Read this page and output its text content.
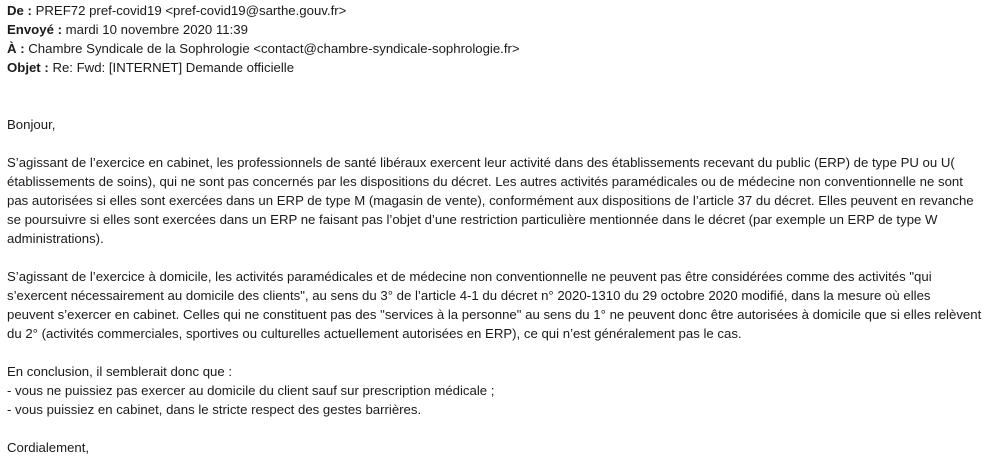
De : PREF72 pref-covid19 <pref-covid19@sarthe.gouv.fr>
Envoyé : mardi 10 novembre 2020 11:39
À : Chambre Syndicale de la Sophrologie <contact@chambre-syndicale-sophrologie.fr>
Objet : Re: Fwd: [INTERNET] Demande officielle

Bonjour,

S’agissant de l’exercice en cabinet, les professionnels de santé libéraux exercent leur activité dans des établissements recevant du public (ERP) de type PU ou U(
établissements de soins), qui ne sont pas concernés par les dispositions du décret. Les autres activités paramédicales ou de médecine non conventionnelle ne sont
pas autorisées si elles sont exercées dans un ERP de type M (magasin de vente), conformément aux dispositions de l’article 37 du décret. Elles peuvent en revanche
se poursuivre si elles sont exercées dans un ERP ne faisant pas l’objet d’une restriction particulière mentionnée dans le décret (par exemple un ERP de type W
administrations).

S’agissant de l’exercice à domicile, les activités paramédicales et de médecine non conventionnelle ne peuvent pas être considérées comme des activités "qui
s’exercent nécessairement au domicile des clients", au sens du 3° de l’article 4-1 du décret n° 2020-1310 du 29 octobre 2020 modifié, dans la mesure où elles
peuvent s’exercer en cabinet. Celles qui ne constituent pas des "services à la personne" au sens du 1° ne peuvent donc être autorisées à domicile que si elles relèvent
du 2° (activités commerciales, sportives ou culturelles actuellement autorisées en ERP), ce qui n’est généralement pas le cas.

En conclusion, il semblerait donc que :
- vous ne puissiez pas exercer au domicile du client sauf sur prescription médicale ;
- vous puissiez en cabinet, dans le stricte respect des gestes barrières.

Cordialement,
